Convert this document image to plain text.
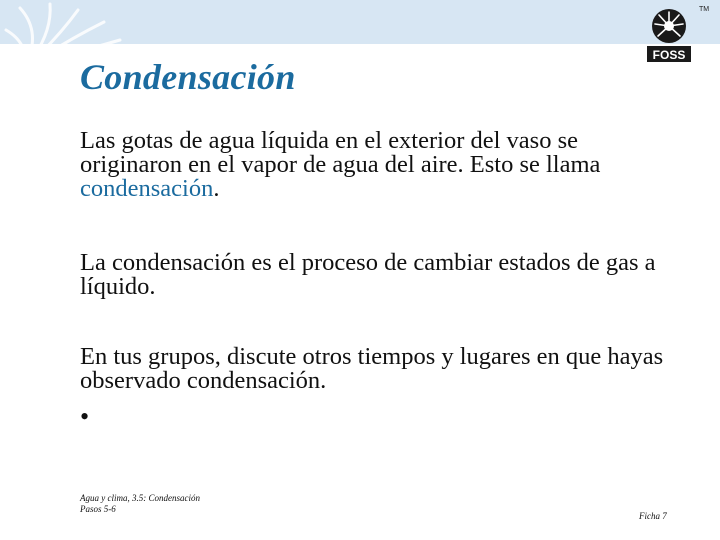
TM
FOSS
Condensación

Las gotas de agua líquida en el exterior del vaso se originaron en el vapor de agua del aire. Esto se llama condensación.

La condensación es el proceso de cambiar estados de gas a líquido.

En tus grupos, discute otros tiempos y lugares en que hayas observado condensación.

•
Agua y clima, 3.5: Condensación
Pasos 5-6
Ficha 7
